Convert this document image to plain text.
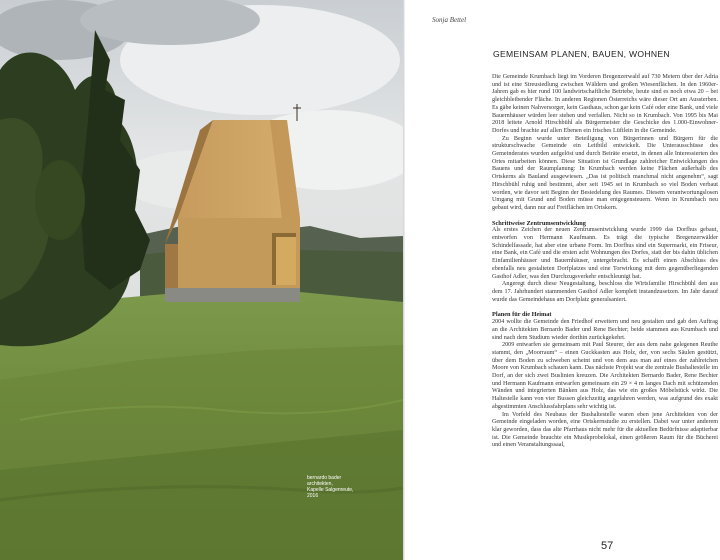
bernardo bader
architekten,
Kapelle Salgenreute,
2016
Sonja Bettel
GEMEINSAM PLANEN, BAUEN, WOHNEN

Die Gemeinde Krumbach liegt im Vorderen Bregenzerwald auf 730 Metern über der Adria und ist eine Streusiedlung zwischen Wäldern und großen Wiesenflächen. In den 1960er-Jahren gab es hier rund 100 landwirtschaftliche Betriebe, heute sind es noch etwa 20 – bei gleichbleibender Fläche. In anderen Regionen Österreichs wäre dieser Ort am Aussterben. Es gäbe keinen Nahversorger, kein Gasthaus, schon gar kein Café oder eine Bank, und viele Bauernhäuser würden leer stehen und verfallen. Nicht so in Krumbach. Von 1995 bis Mai 2018 leitete Arnold Hirschbühl als Bürgermeister die Geschicke des 1.000-Einwohner-Dorfes und brachte auf allen Ebenen ein frisches Lüftlein in die Gemeinde.

Zu Beginn wurde unter Beteiligung von Bürgerinnen und Bürgern für die strukturschwache Gemeinde ein Leitbild entwickelt. Die Unterausschüsse des Gemeinderates wurden aufgelöst und durch Beiräte ersetzt, in denen alle Interessierten des Ortes mitarbeiten können. Diese Situation ist Grundlage zahlreicher Entwicklungen des Bauens und der Raumplanung: In Krumbach werden keine Flächen außerhalb des Ortskerns als Bauland ausgewiesen. „Das ist politisch manchmal nicht angenehm“, sagt Hirschbühl ruhig und bestimmt, aber seit 1945 sei in Krumbach so viel Boden verbaut worden, wie davor seit Beginn der Besiedelung des Raumes. Diesem verantwortungslosen Umgang mit Grund und Boden müsse man entgegensteuern. Wenn in Krumbach neu gebaut wird, dann nur auf Freiflächen im Ortskern.

Schrittweise Zentrumsentwicklung

Als erstes Zeichen der neuen Zentrumsentwicklung wurde 1999 das Dorfhus gebaut, entworfen von Hermann Kaufmann. Es trägt die typische Bregenzerwälder Schindelfassade, hat aber eine urbane Form. Im Dorfhus sind ein Supermarkt, ein Friseur, eine Bank, ein Café und die ersten acht Wohnungen des Dorfes, statt der bis dahin üblichen Einfamilienhäuser und Bauernhäuser, untergebracht. Es schafft einen Abschluss des ebenfalls neu gestalteten Dorfplatzes und eine Torwirkung mit dem gegenüberliegenden Gasthof Adler, was den Durchzugsverkehr entschleunigt hat.

Angeregt durch diese Neugestaltung, beschloss die Wirtsfamilie Hirschbühl den aus dem 17. Jahrhundert stammenden Gasthof Adler komplett instandzusetzen. Im Jahr darauf wurde das Gemeindehaus am Dorfplatz generalsaniert.

Planen für die Heimat

2004 wollte die Gemeinde den Friedhof erweitern und neu gestalten und gab den Auftrag an die Architekten Bernardo Bader und Rene Bechter; beide stammen aus Krumbach und sind nach dem Studium wieder dorthin zurückgekehrt.

2009 entwarfen sie gemeinsam mit Paul Steurer, der aus dem nahe gelegenen Reuthe stammt, den „Moorraum“ – einen Guckkasten aus Holz, der, von sechs Säulen gestützt, über dem Boden zu schweben scheint und von dem aus man auf eines der zahlreichen Moore von Krumbach schauen kann. Das nächste Projekt war die zentrale Bushaltestelle im Dorf, an der sich zwei Buslinien kreuzen. Die Architekten Bernardo Bader, Rene Bechter und Hermann Kaufmann entwarfen gemeinsam ein 29 × 4 m langes Dach mit schützenden Wänden und integrierten Bänken aus Holz, das wie ein großes Möbelstück wirkt. Die Haltestelle kann von vier Bussen gleichzeitig angefahren werden, was aufgrund des exakt abgestimmten Anschlussfahrplans sehr wichtig ist.

Im Vorfeld des Neubaus der Bushaltestelle waren eben jene Architekten von der Gemeinde eingeladen worden, eine Ortskernstudie zu erstellen. Dabei war unter anderem klar geworden, dass das alte Pfarrhaus nicht mehr für die aktuellen Bedürfnisse adaptierbar ist. Die Gemeinde brauchte ein Musikprobelokal, einen größeren Raum für die Bücherei und einen Veranstaltungssaal,

57
